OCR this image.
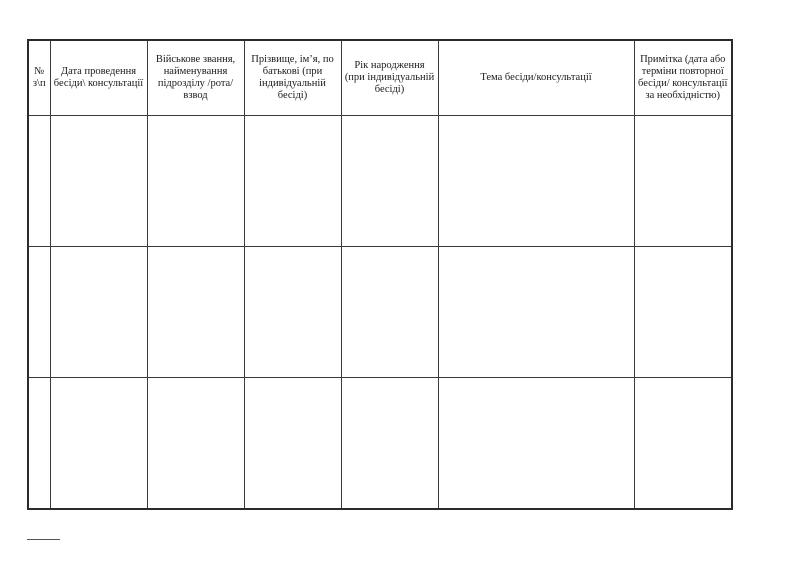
№ з\п	Дата проведення бесіди\ консультації	Військове звання, найменування підрозділу /рота/взвод	Прізвище, ім’я, по батькові (при індивідуальній бесіді)	Рік народження (при індивідуальній бесіді)	Тема бесіди/консультації	Примітка (дата або терміни повторної бесіди/ консультації за необхідністю)
